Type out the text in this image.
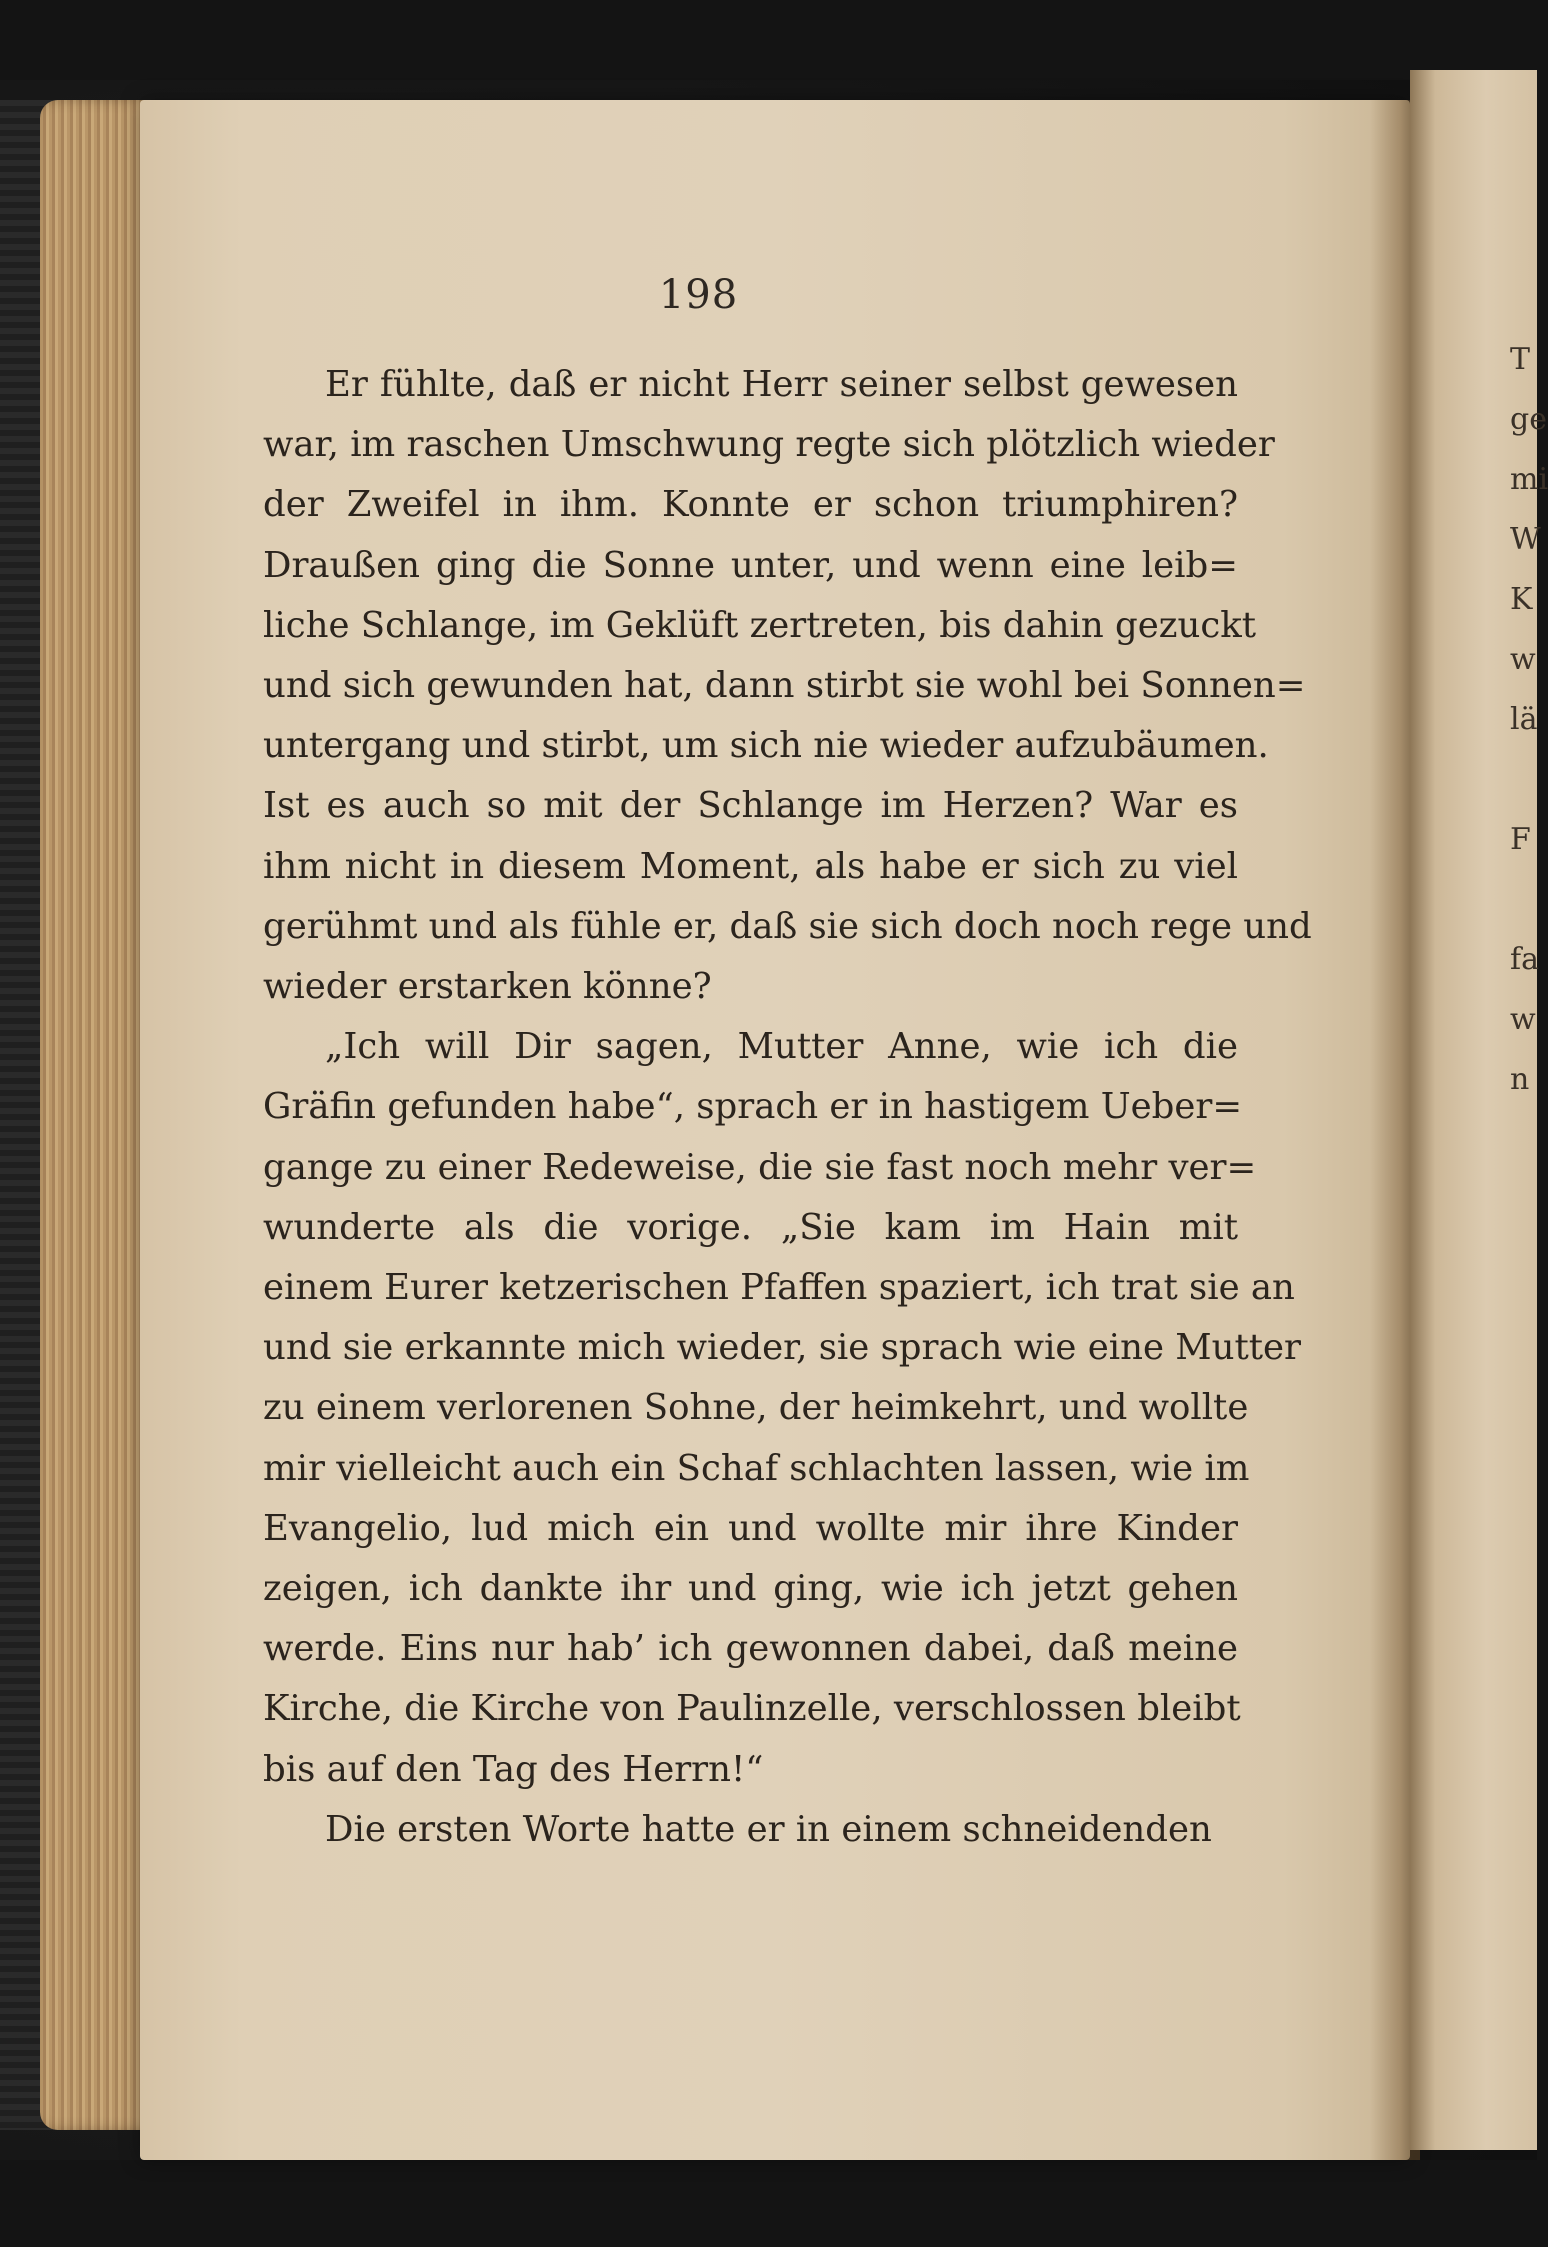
T
ge
mi
W
K
w
lä

F

fa
w
n
198
Er fühlte, daß er nicht Herr seiner selbst gewesen
war, im raschen Umschwung regte sich plötzlich wieder
der Zweifel in ihm. Konnte er schon triumphiren?
Draußen ging die Sonne unter, und wenn eine leib=
liche Schlange, im Geklüft zertreten, bis dahin gezuckt
und sich gewunden hat, dann stirbt sie wohl bei Sonnen=
untergang und stirbt, um sich nie wieder aufzubäumen.
Ist es auch so mit der Schlange im Herzen? War es
ihm nicht in diesem Moment, als habe er sich zu viel
gerühmt und als fühle er, daß sie sich doch noch rege und
wieder erstarken könne?
„Ich will Dir sagen, Mutter Anne, wie ich die
Gräfin gefunden habe“, sprach er in hastigem Ueber=
gange zu einer Redeweise, die sie fast noch mehr ver=
wunderte als die vorige. „Sie kam im Hain mit
einem Eurer ketzerischen Pfaffen spaziert, ich trat sie an
und sie erkannte mich wieder, sie sprach wie eine Mutter
zu einem verlorenen Sohne, der heimkehrt, und wollte
mir vielleicht auch ein Schaf schlachten lassen, wie im
Evangelio, lud mich ein und wollte mir ihre Kinder
zeigen, ich dankte ihr und ging, wie ich jetzt gehen
werde. Eins nur hab’ ich gewonnen dabei, daß meine
Kirche, die Kirche von Paulinzelle, verschlossen bleibt
bis auf den Tag des Herrn!“
Die ersten Worte hatte er in einem schneidenden
